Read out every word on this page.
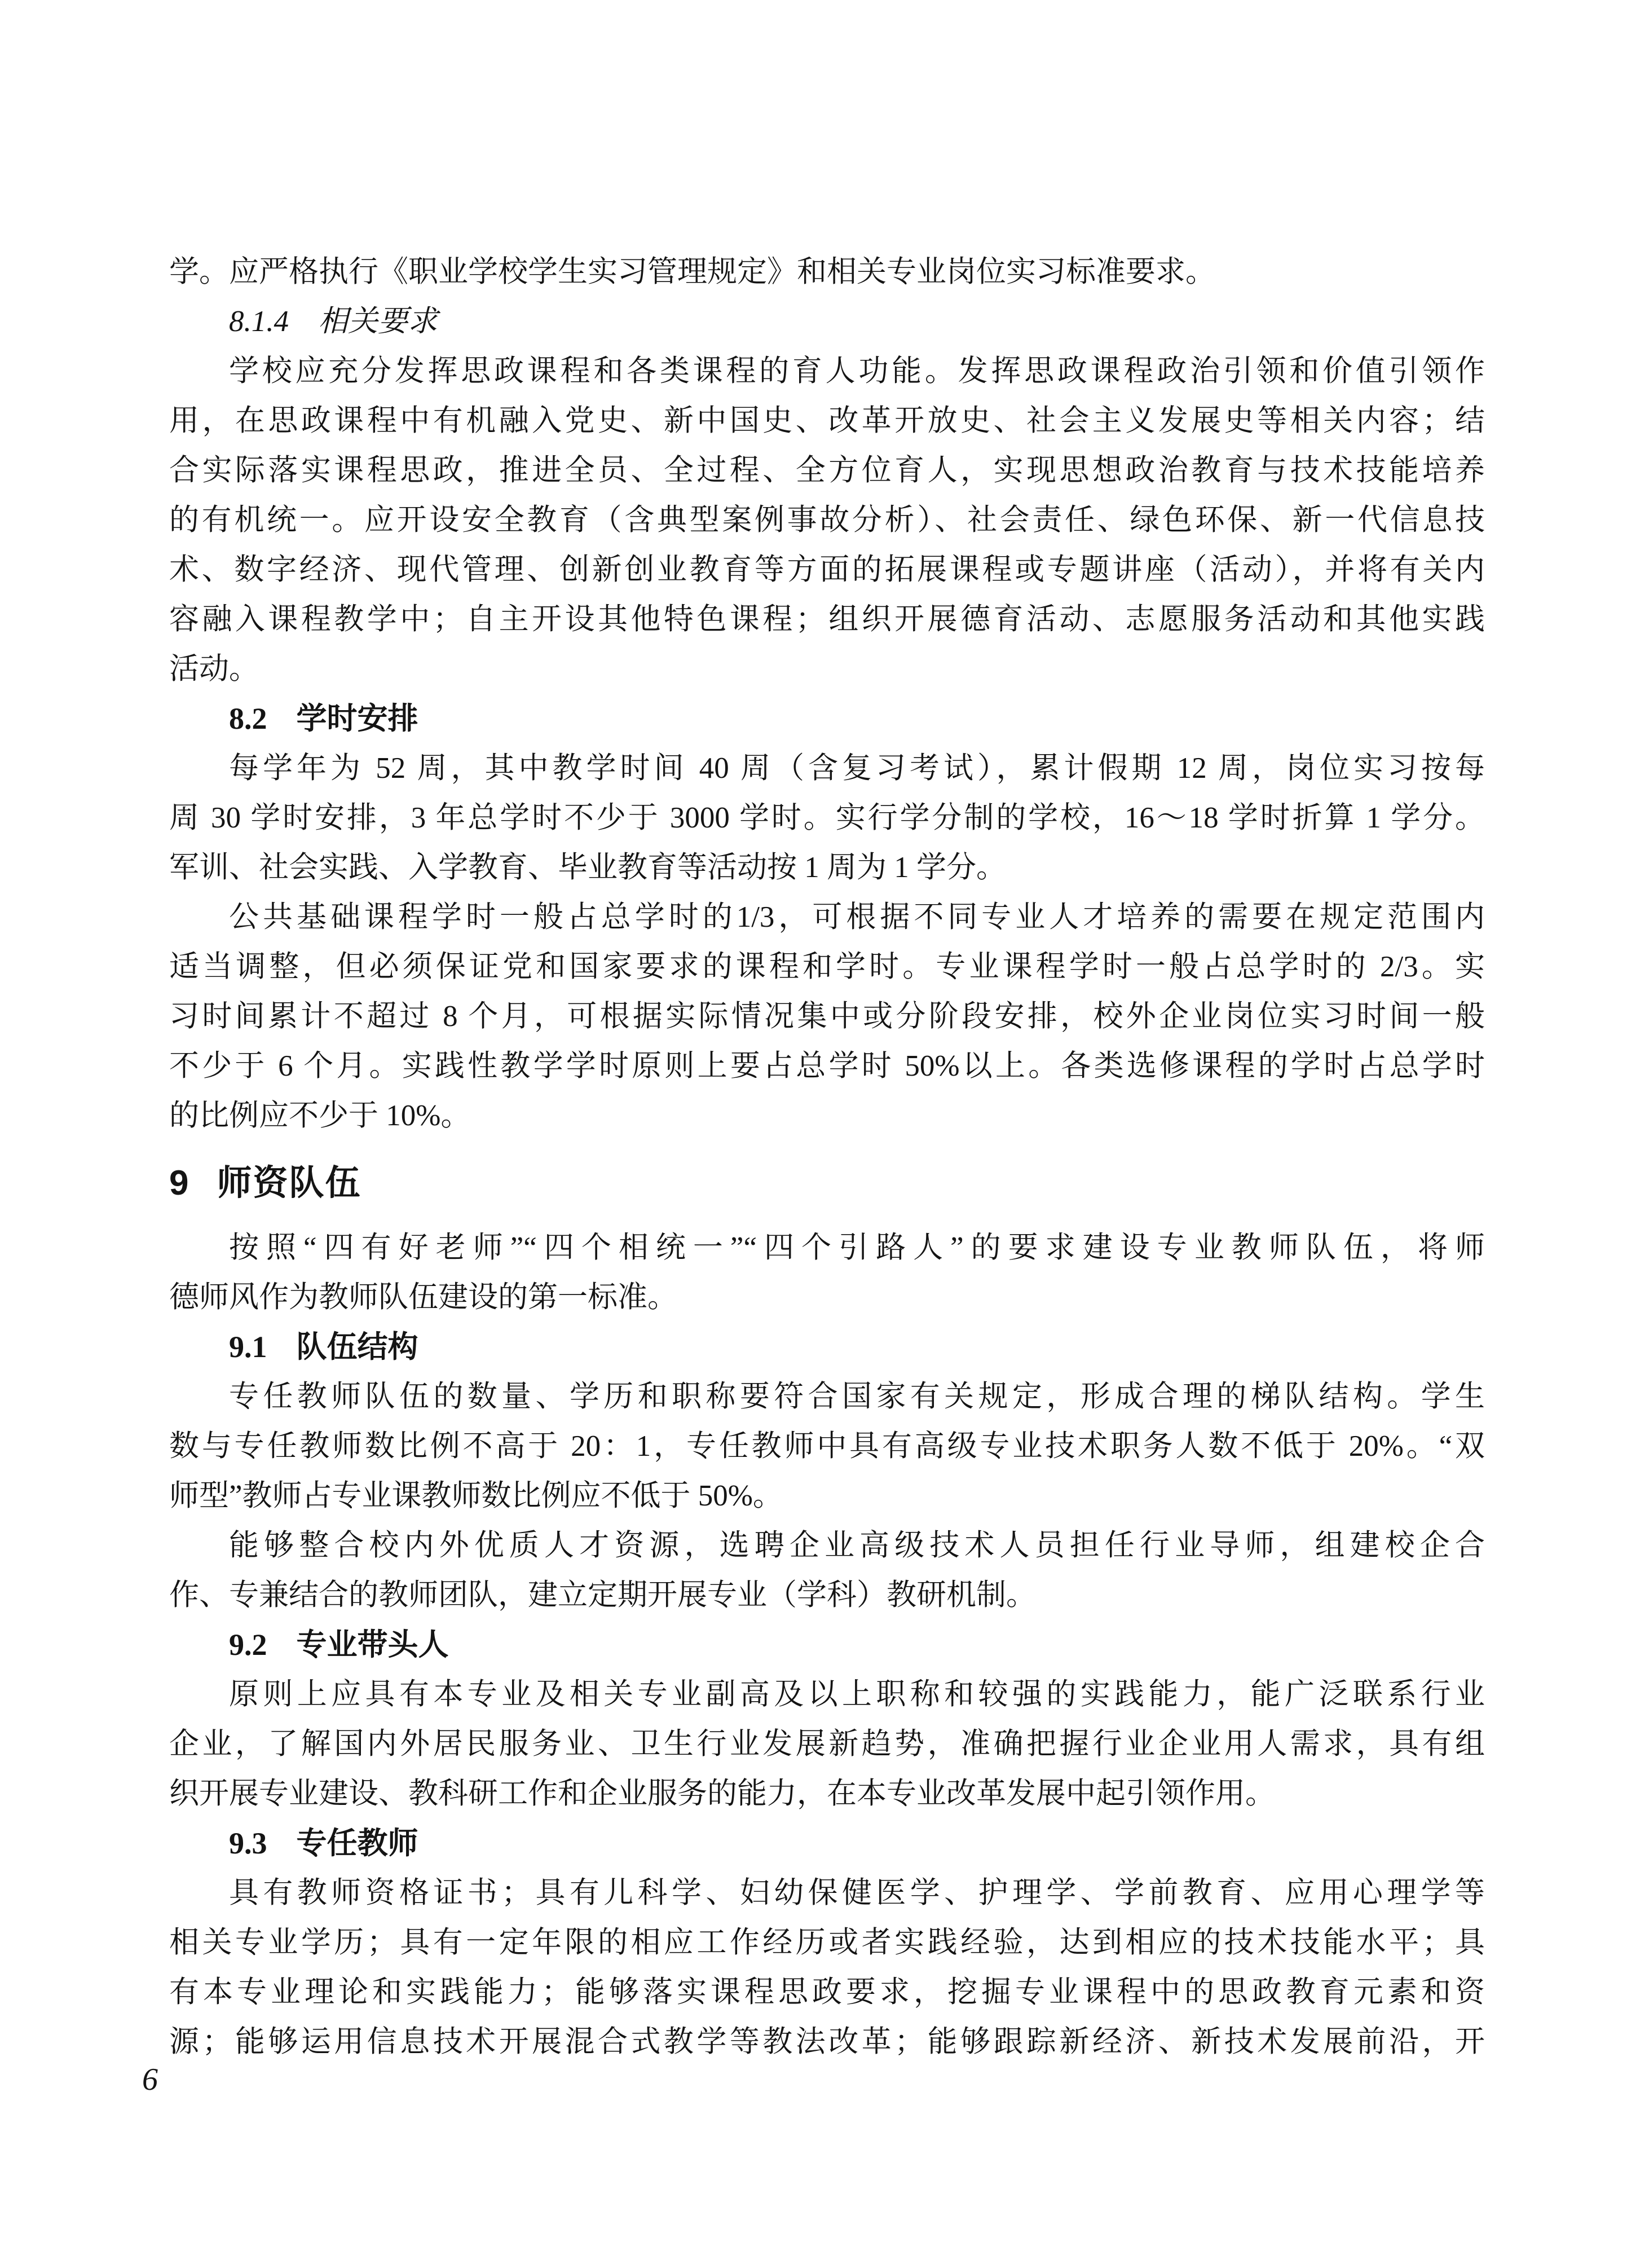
学。应严格执行《职业学校学生实习管理规定》和相关专业岗位实习标准要求。
8.1.4 相关要求
学校应充分发挥思政课程和各类课程的育人功能。发挥思政课程政治引领和价值引领作
用，在思政课程中有机融入党史、新中国史、改革开放史、社会主义发展史等相关内容；结
合实际落实课程思政，推进全员、全过程、全方位育人，实现思想政治教育与技术技能培养
的有机统一。应开设安全教育（含典型案例事故分析）、社会责任、绿色环保、新一代信息技
术、数字经济、现代管理、创新创业教育等方面的拓展课程或专题讲座（活动），并将有关内
容融入课程教学中；自主开设其他特色课程；组织开展德育活动、志愿服务活动和其他实践
活动。
8.2 学时安排
每学年为 52 周，其中教学时间 40 周（含复习考试），累计假期 12 周，岗位实习按每
周 30 学时安排，3 年总学时不少于 3000 学时。实行学分制的学校，16～18 学时折算 1 学分。
军训、社会实践、入学教育、毕业教育等活动按 1 周为 1 学分。
公共基础课程学时一般占总学时的1/3，可根据不同专业人才培养的需要在规定范围内
适当调整，但必须保证党和国家要求的课程和学时。专业课程学时一般占总学时的 2/3。实
习时间累计不超过 8 个月，可根据实际情况集中或分阶段安排，校外企业岗位实习时间一般
不少于 6 个月。实践性教学学时原则上要占总学时 50%以上。各类选修课程的学时占总学时
的比例应不少于 10%。
9 师资队伍
按照“四有好老师”“四个相统一”“四个引路人”的要求建设专业教师队伍，将师
德师风作为教师队伍建设的第一标准。
9.1 队伍结构
专任教师队伍的数量、学历和职称要符合国家有关规定，形成合理的梯队结构。学生
数与专任教师数比例不高于 20：1，专任教师中具有高级专业技术职务人数不低于 20%。“双
师型”教师占专业课教师数比例应不低于 50%。
能够整合校内外优质人才资源，选聘企业高级技术人员担任行业导师，组建校企合
作、专兼结合的教师团队，建立定期开展专业（学科）教研机制。
9.2 专业带头人
原则上应具有本专业及相关专业副高及以上职称和较强的实践能力，能广泛联系行业
企业，了解国内外居民服务业、卫生行业发展新趋势，准确把握行业企业用人需求，具有组
织开展专业建设、教科研工作和企业服务的能力，在本专业改革发展中起引领作用。
9.3 专任教师
具有教师资格证书；具有儿科学、妇幼保健医学、护理学、学前教育、应用心理学等
相关专业学历；具有一定年限的相应工作经历或者实践经验，达到相应的技术技能水平；具
有本专业理论和实践能力；能够落实课程思政要求，挖掘专业课程中的思政教育元素和资
源；能够运用信息技术开展混合式教学等教法改革；能够跟踪新经济、新技术发展前沿，开
6
